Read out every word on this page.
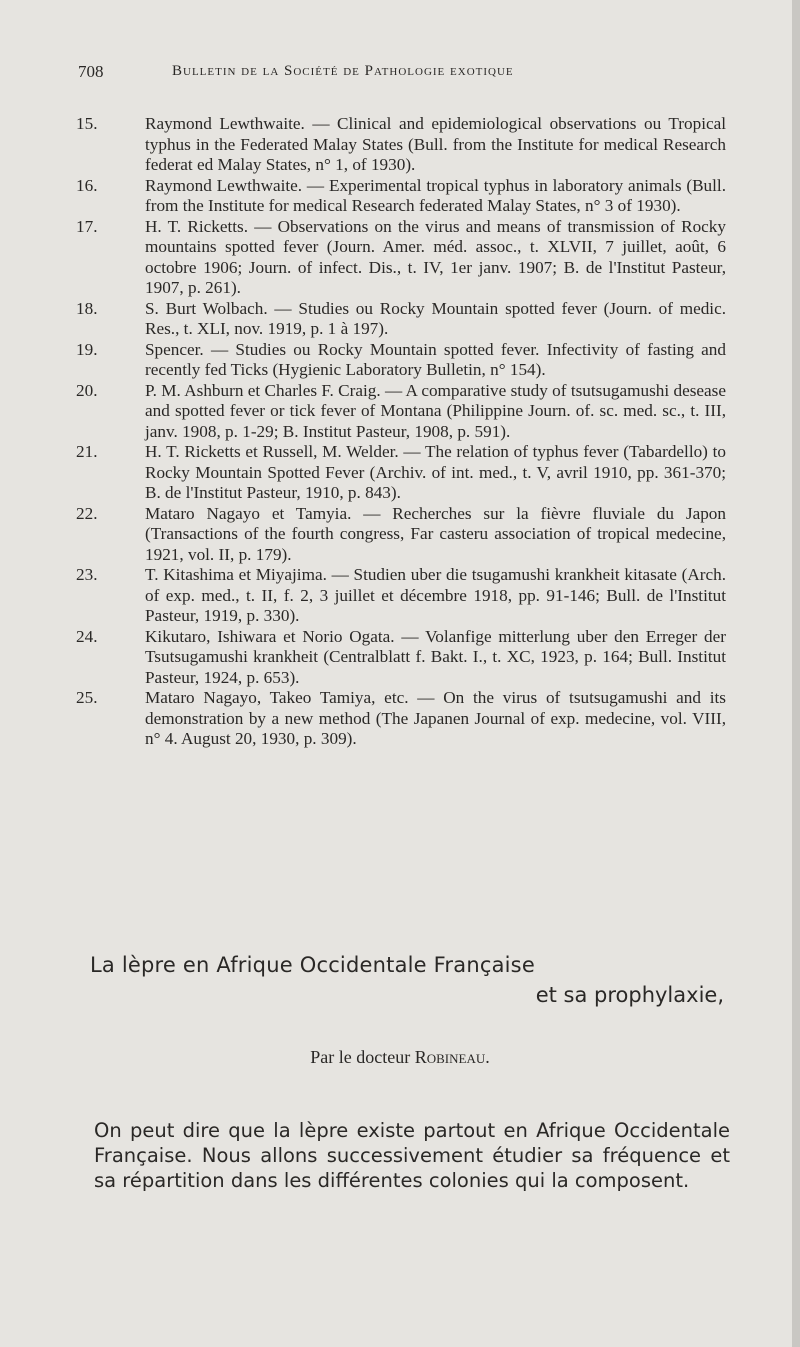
708	Bulletin de la Société de Pathologie exotique
15.	Raymond Lewthwaite. — Clinical and epidemiological observations ou Tropical typhus in the Federated Malay States (Bull. from the Institute for medical Research federat ed Malay States, n° 1, of 1930).
16.	Raymond Lewthwaite. — Experimental tropical typhus in laboratory animals (Bull. from the Institute for medical Research federated Malay States, n° 3 of 1930).
17.	H. T. Ricketts. — Observations on the virus and means of transmission of Rocky mountains spotted fever (Journ. Amer. méd. assoc., t. XLVII, 7 juillet, août, 6 octobre 1906; Journ. of infect. Dis., t. IV, 1er janv. 1907; B. de l'Institut Pasteur, 1907, p. 261).
18.	S. Burt Wolbach. — Studies ou Rocky Mountain spotted fever (Journ. of medic. Res., t. XLI, nov. 1919, p. 1 à 197).
19.	Spencer. — Studies ou Rocky Mountain spotted fever. Infectivity of fasting and recently fed Ticks (Hygienic Laboratory Bulletin, n° 154).
20.	P. M. Ashburn et Charles F. Craig. — A comparative study of tsutsugamushi desease and spotted fever or tick fever of Montana (Philippine Journ. of. sc. med. sc., t. III, janv. 1908, p. 1-29; B. Institut Pasteur, 1908, p. 591).
21.	H. T. Ricketts et Russell, M. Welder. — The relation of typhus fever (Tabardello) to Rocky Mountain Spotted Fever (Archiv. of int. med., t. V, avril 1910, pp. 361-370; B. de l'Institut Pasteur, 1910, p. 843).
22.	Mataro Nagayo et Tamyia. — Recherches sur la fièvre fluviale du Japon (Transactions of the fourth congress, Far casteru association of tropical medecine, 1921, vol. II, p. 179).
23.	T. Kitashima et Miyajima. — Studien uber die tsugamushi krankheit kitasate (Arch. of exp. med., t. II, f. 2, 3 juillet et décembre 1918, pp. 91-146; Bull. de l'Institut Pasteur, 1919, p. 330).
24.	Kikutaro, Ishiwara et Norio Ogata. — Volanfige mitterlung uber den Erreger der Tsutsugamushi krankheit (Centralblatt f. Bakt. I., t. XC, 1923, p. 164; Bull. Institut Pasteur, 1924, p. 653).
25.	Mataro Nagayo, Takeo Tamiya, etc. — On the virus of tsutsugamushi and its demonstration by a new method (The Japanen Journal of exp. medecine, vol. VIII, n° 4. August 20, 1930, p. 309).
La lèpre en Afrique Occidentale Française
et sa prophylaxie,
Par le docteur Robineau.
On peut dire que la lèpre existe partout en Afrique Occidentale Française. Nous allons successivement étudier sa fréquence et sa répartition dans les différentes colonies qui la composent.
